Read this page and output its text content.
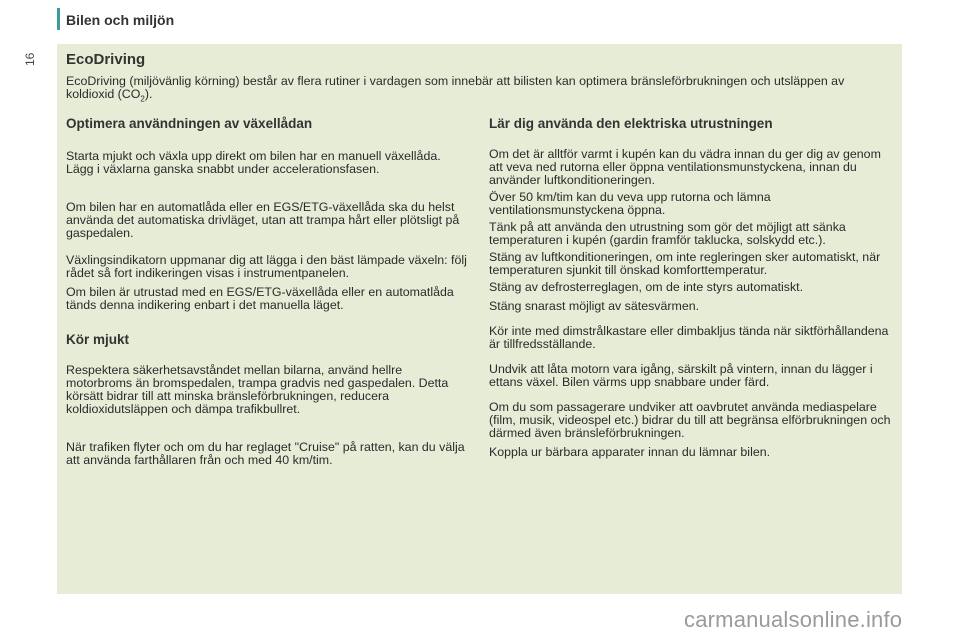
Bilen och miljön
16 EcoDriving
EcoDriving (miljövänlig körning) består av flera rutiner i vardagen som innebär att bilisten kan optimera bränsleförbrukningen och utsläppen av koldioxid $(CO_2)$.
Optimera användningen av växellådan

Starta mjukt och växla upp direkt om bilen har en manuell växellåda. Lägg i växlarna ganska snabbt under accelerationsfasen.

Om bilen har en automatlåda eller en EGS/ETG-växellåda ska du helst använda det automatiska drivläget, utan att trampa hårt eller plötsligt på gaspedalen.

Växlingsindikatorn uppmanar dig att lägga i den bäst lämpade växeln: följ rådet så fort indikeringen visas i instrumentpanelen.

Om bilen är utrustad med en EGS/ETG-växellåda eller en automatlåda tänds denna indikering enbart i det manuella läget.

Kör mjukt

Respektera säkerhetsavståndet mellan bilarna, använd hellre motorbroms än bromspedalen, trampa gradvis ned gaspedalen. Detta körsätt bidrar till att minska bränsleförbrukningen, reducera koldioxidutsläppen och dämpa trafikbullret.

När trafiken flyter och om du har reglaget "Cruise" på ratten, kan du välja att använda farthållaren från och med 40 km/tim.

Lär dig använda den elektriska utrustningen

Om det är alltför varmt i kupén kan du vädra innan du ger dig av genom att veva ned rutorna eller öppna ventilationsmunstyckena, innan du använder luftkonditioneringen.

Över 50 km/tim kan du veva upp rutorna och lämna ventilationsmunstyckena öppna.

Tänk på att använda den utrustning som gör det möjligt att sänka temperaturen i kupén (gardin framför taklucka, solskydd etc.).

Stäng av luftkonditioneringen, om inte regleringen sker automatiskt, när temperaturen sjunkit till önskad komforttemperatur.

Stäng av defrosterreglagen, om de inte styrs automatiskt.

Stäng snarast möjligt av sätesvärmen.

Kör inte med dimstrålkastare eller dimbakljus tända när siktförhållandena är tillfredsställande.

Undvik att låta motorn vara igång, särskilt på vintern, innan du lägger i ettans växel. Bilen värms upp snabbare under färd.

Om du som passagerare undviker att oavbrutet använda mediaspelare (film, musik, videospel etc.) bidrar du till att begränsa elförbrukningen och därmed även bränsleförbrukningen.

Koppla ur bärbara apparater innan du lämnar bilen.

carmanualsonline.info
